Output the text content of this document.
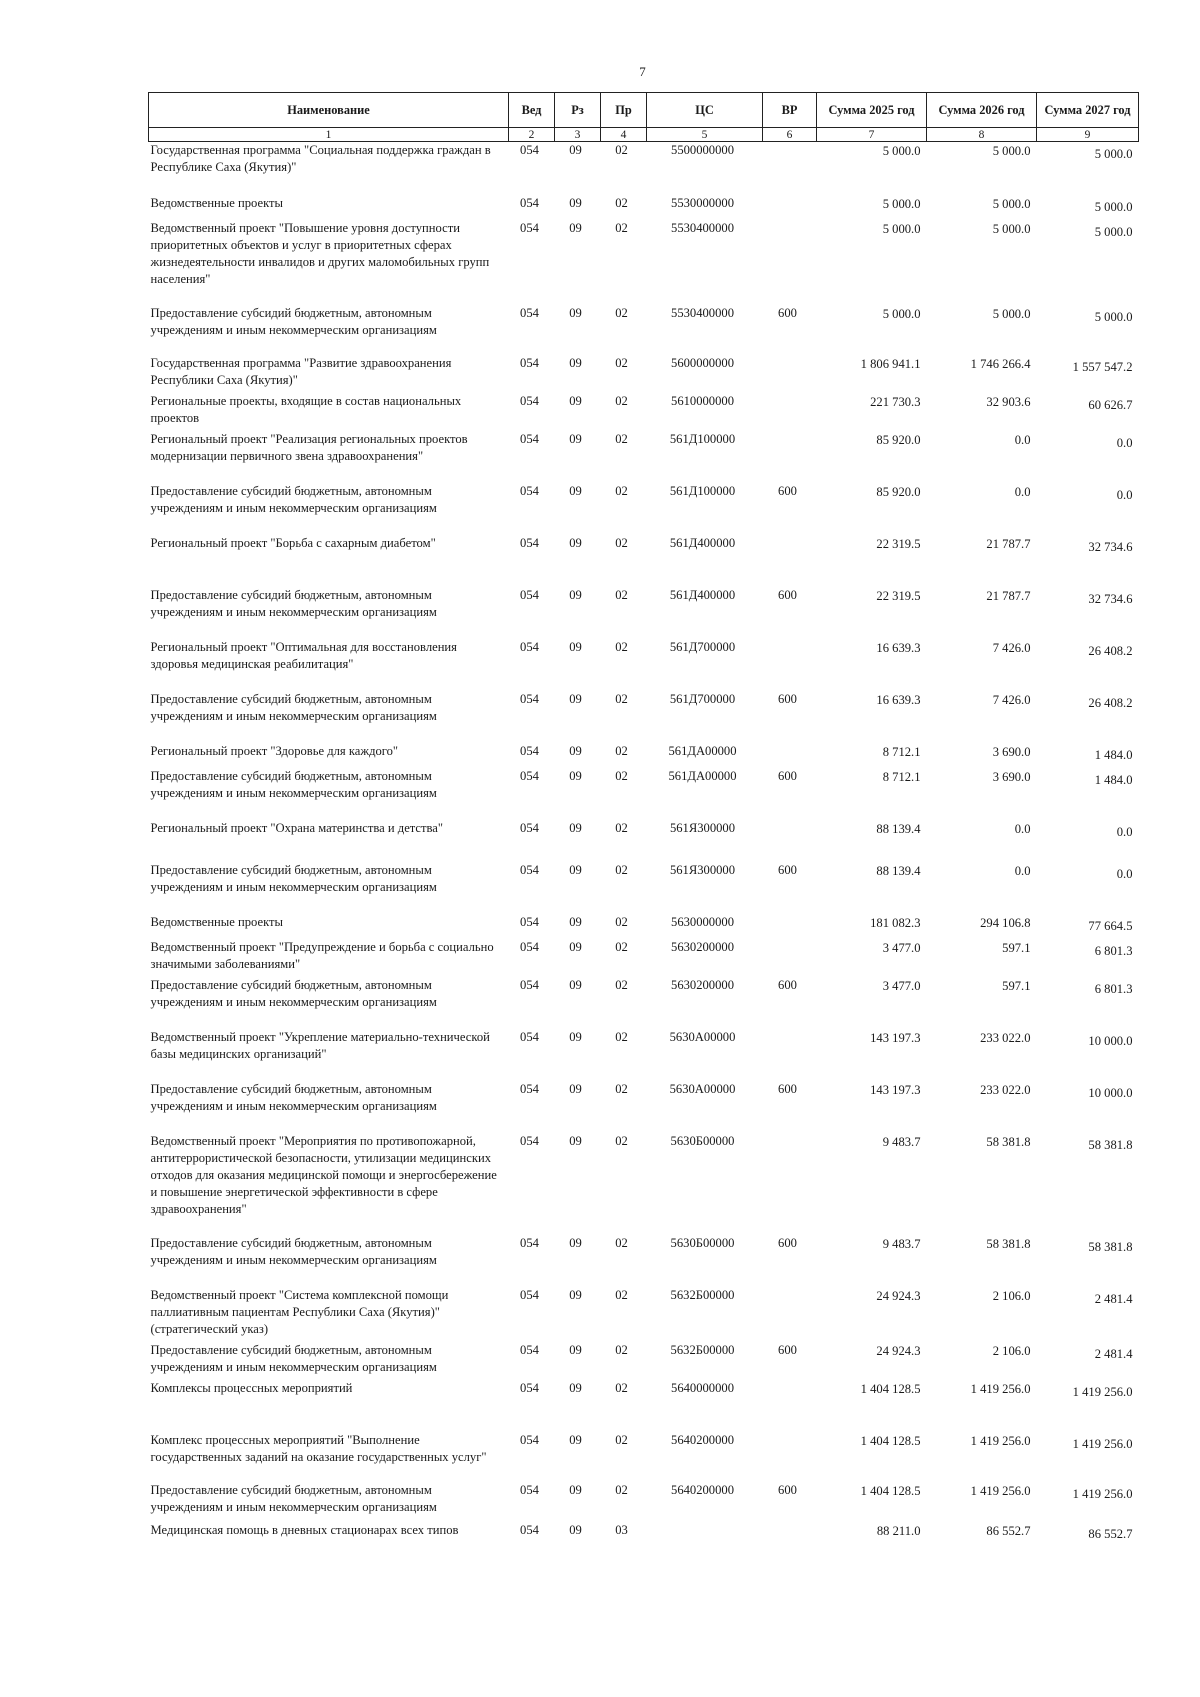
7
Наименование	Вед	Рз	Пр	ЦС	ВР	Сумма 2025 год	Сумма 2026 год	Сумма 2027 год
1	2	3	4	5	6	7	8	9
Государственная программа "Социальная поддержка граждан в Республике Саха (Якутия)"	054	09	02	5500000000		5 000.0	5 000.0	5 000.0
Ведомственные проекты	054	09	02	5530000000		5 000.0	5 000.0	5 000.0
Ведомственный проект "Повышение уровня доступности приоритетных объектов и услуг в приоритетных сферах жизнедеятельности инвалидов и других маломобильных групп населения"	054	09	02	5530400000		5 000.0	5 000.0	5 000.0
Предоставление субсидий бюджетным, автономным учреждениям и иным некоммерческим организациям	054	09	02	5530400000	600	5 000.0	5 000.0	5 000.0
Государственная программа "Развитие здравоохранения Республики Саха (Якутия)"	054	09	02	5600000000		1 806 941.1	1 746 266.4	1 557 547.2
Региональные проекты, входящие в состав национальных проектов	054	09	02	5610000000		221 730.3	32 903.6	60 626.7
Региональный проект "Реализация региональных проектов модернизации первичного звена здравоохранения"	054	09	02	561Д100000		85 920.0	0.0	0.0
Предоставление субсидий бюджетным, автономным учреждениям и иным некоммерческим организациям	054	09	02	561Д100000	600	85 920.0	0.0	0.0
Региональный проект "Борьба с сахарным диабетом"	054	09	02	561Д400000		22 319.5	21 787.7	32 734.6
Предоставление субсидий бюджетным, автономным учреждениям и иным некоммерческим организациям	054	09	02	561Д400000	600	22 319.5	21 787.7	32 734.6
Региональный проект "Оптимальная для восстановления здоровья медицинская реабилитация"	054	09	02	561Д700000		16 639.3	7 426.0	26 408.2
Предоставление субсидий бюджетным, автономным учреждениям и иным некоммерческим организациям	054	09	02	561Д700000	600	16 639.3	7 426.0	26 408.2
Региональный проект "Здоровье для каждого"	054	09	02	561ДА00000		8 712.1	3 690.0	1 484.0
Предоставление субсидий бюджетным, автономным учреждениям и иным некоммерческим организациям	054	09	02	561ДА00000	600	8 712.1	3 690.0	1 484.0
Региональный проект "Охрана материнства и детства"	054	09	02	561Я300000		88 139.4	0.0	0.0
Предоставление субсидий бюджетным, автономным учреждениям и иным некоммерческим организациям	054	09	02	561Я300000	600	88 139.4	0.0	0.0
Ведомственные проекты	054	09	02	5630000000		181 082.3	294 106.8	77 664.5
Ведомственный проект "Предупреждение и борьба с социально значимыми заболеваниями"	054	09	02	5630200000		3 477.0	597.1	6 801.3
Предоставление субсидий бюджетным, автономным учреждениям и иным некоммерческим организациям	054	09	02	5630200000	600	3 477.0	597.1	6 801.3
Ведомственный проект "Укрепление материально-технической базы медицинских организаций"	054	09	02	5630А00000		143 197.3	233 022.0	10 000.0
Предоставление субсидий бюджетным, автономным учреждениям и иным некоммерческим организациям	054	09	02	5630А00000	600	143 197.3	233 022.0	10 000.0
Ведомственный проект "Мероприятия по противопожарной, антитеррористической безопасности, утилизации медицинских отходов для оказания медицинской помощи и энергосбережение и повышение энергетической эффективности в сфере здравоохранения"	054	09	02	5630Б00000		9 483.7	58 381.8	58 381.8
Предоставление субсидий бюджетным, автономным учреждениям и иным некоммерческим организациям	054	09	02	5630Б00000	600	9 483.7	58 381.8	58 381.8
Ведомственный проект "Система комплексной помощи паллиативным пациентам Республики Саха (Якутия)" (стратегический указ)	054	09	02	5632Б00000		24 924.3	2 106.0	2 481.4
Предоставление субсидий бюджетным, автономным учреждениям и иным некоммерческим организациям	054	09	02	5632Б00000	600	24 924.3	2 106.0	2 481.4
Комплексы процессных мероприятий	054	09	02	5640000000		1 404 128.5	1 419 256.0	1 419 256.0
Комплекс процессных мероприятий "Выполнение государственных заданий на оказание государственных услуг"	054	09	02	5640200000		1 404 128.5	1 419 256.0	1 419 256.0
Предоставление субсидий бюджетным, автономным учреждениям и иным некоммерческим организациям	054	09	02	5640200000	600	1 404 128.5	1 419 256.0	1 419 256.0
Медицинская помощь в дневных стационарах всех типов	054	09	03			88 211.0	86 552.7	86 552.7
